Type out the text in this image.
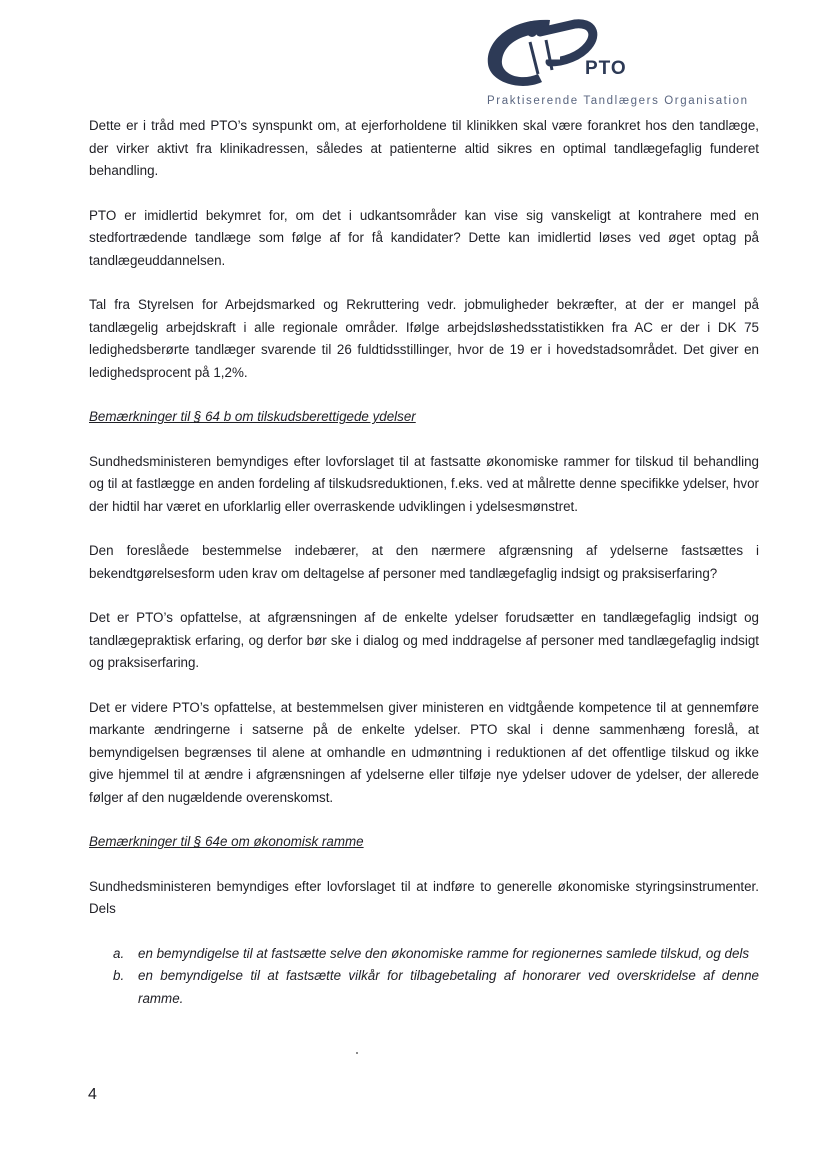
PTO
Praktiserende Tandlægers Organisation

Dette er i tråd med PTO’s synspunkt om, at ejerforholdene til klinikken skal være forankret hos den tandlæge, der virker aktivt fra klinikadressen, således at patienterne altid sikres en optimal tandlægefaglig funderet behandling.

PTO er imidlertid bekymret for, om det i udkantsområder kan vise sig vanskeligt at kontrahere med en stedfortrædende tandlæge som følge af for få kandidater? Dette kan imidlertid løses ved øget optag på tandlægeuddannelsen.

Tal fra Styrelsen for Arbejdsmarked og Rekruttering vedr. jobmuligheder bekræfter, at der er mangel på tandlægelig arbejdskraft i alle regionale områder. Ifølge arbejdsløshedsstatistikken fra AC er der i DK 75 ledighedsberørte tandlæger svarende til 26 fuldtidsstillinger, hvor de 19 er i hovedstadsområdet. Det giver en ledighedsprocent på 1,2%.

Bemærkninger til § 64 b om tilskudsberettigede ydelser

Sundhedsministeren bemyndiges efter lovforslaget til at fastsatte økonomiske rammer for tilskud til behandling og til at fastlægge en anden fordeling af tilskudsreduktionen, f.eks. ved at målrette denne specifikke ydelser, hvor der hidtil har været en uforklarlig eller overraskende udviklingen i ydelsesmønstret.

Den foreslåede bestemmelse indebærer, at den nærmere afgrænsning af ydelserne fastsættes i bekendtgørelsesform uden krav om deltagelse af personer med tandlægefaglig indsigt og praksiserfaring?

Det er PTO’s opfattelse, at afgrænsningen af de enkelte ydelser forudsætter en tandlægefaglig indsigt og tandlægepraktisk erfaring, og derfor bør ske i dialog og med inddragelse af personer med tandlægefaglig indsigt og praksiserfaring.

Det er videre PTO’s opfattelse, at bestemmelsen giver ministeren en vidtgående kompetence til at gennemføre markante ændringerne i satserne på de enkelte ydelser. PTO skal i denne sammenhæng foreslå, at bemyndigelsen begrænses til alene at omhandle en udmøntning i reduktionen af det offentlige tilskud og ikke give hjemmel til at ændre i afgrænsningen af ydelserne eller tilføje nye ydelser udover de ydelser, der allerede følger af den nugældende overenskomst.

Bemærkninger til § 64e om økonomisk ramme

Sundhedsministeren bemyndiges efter lovforslaget til at indføre to generelle økonomiske styringsinstrumenter. Dels

a. en bemyndigelse til at fastsætte selve den økonomiske ramme for regionernes samlede tilskud, og dels
b. en bemyndigelse til at fastsætte vilkår for tilbagebetaling af honorarer ved overskridelse af denne ramme.
4
